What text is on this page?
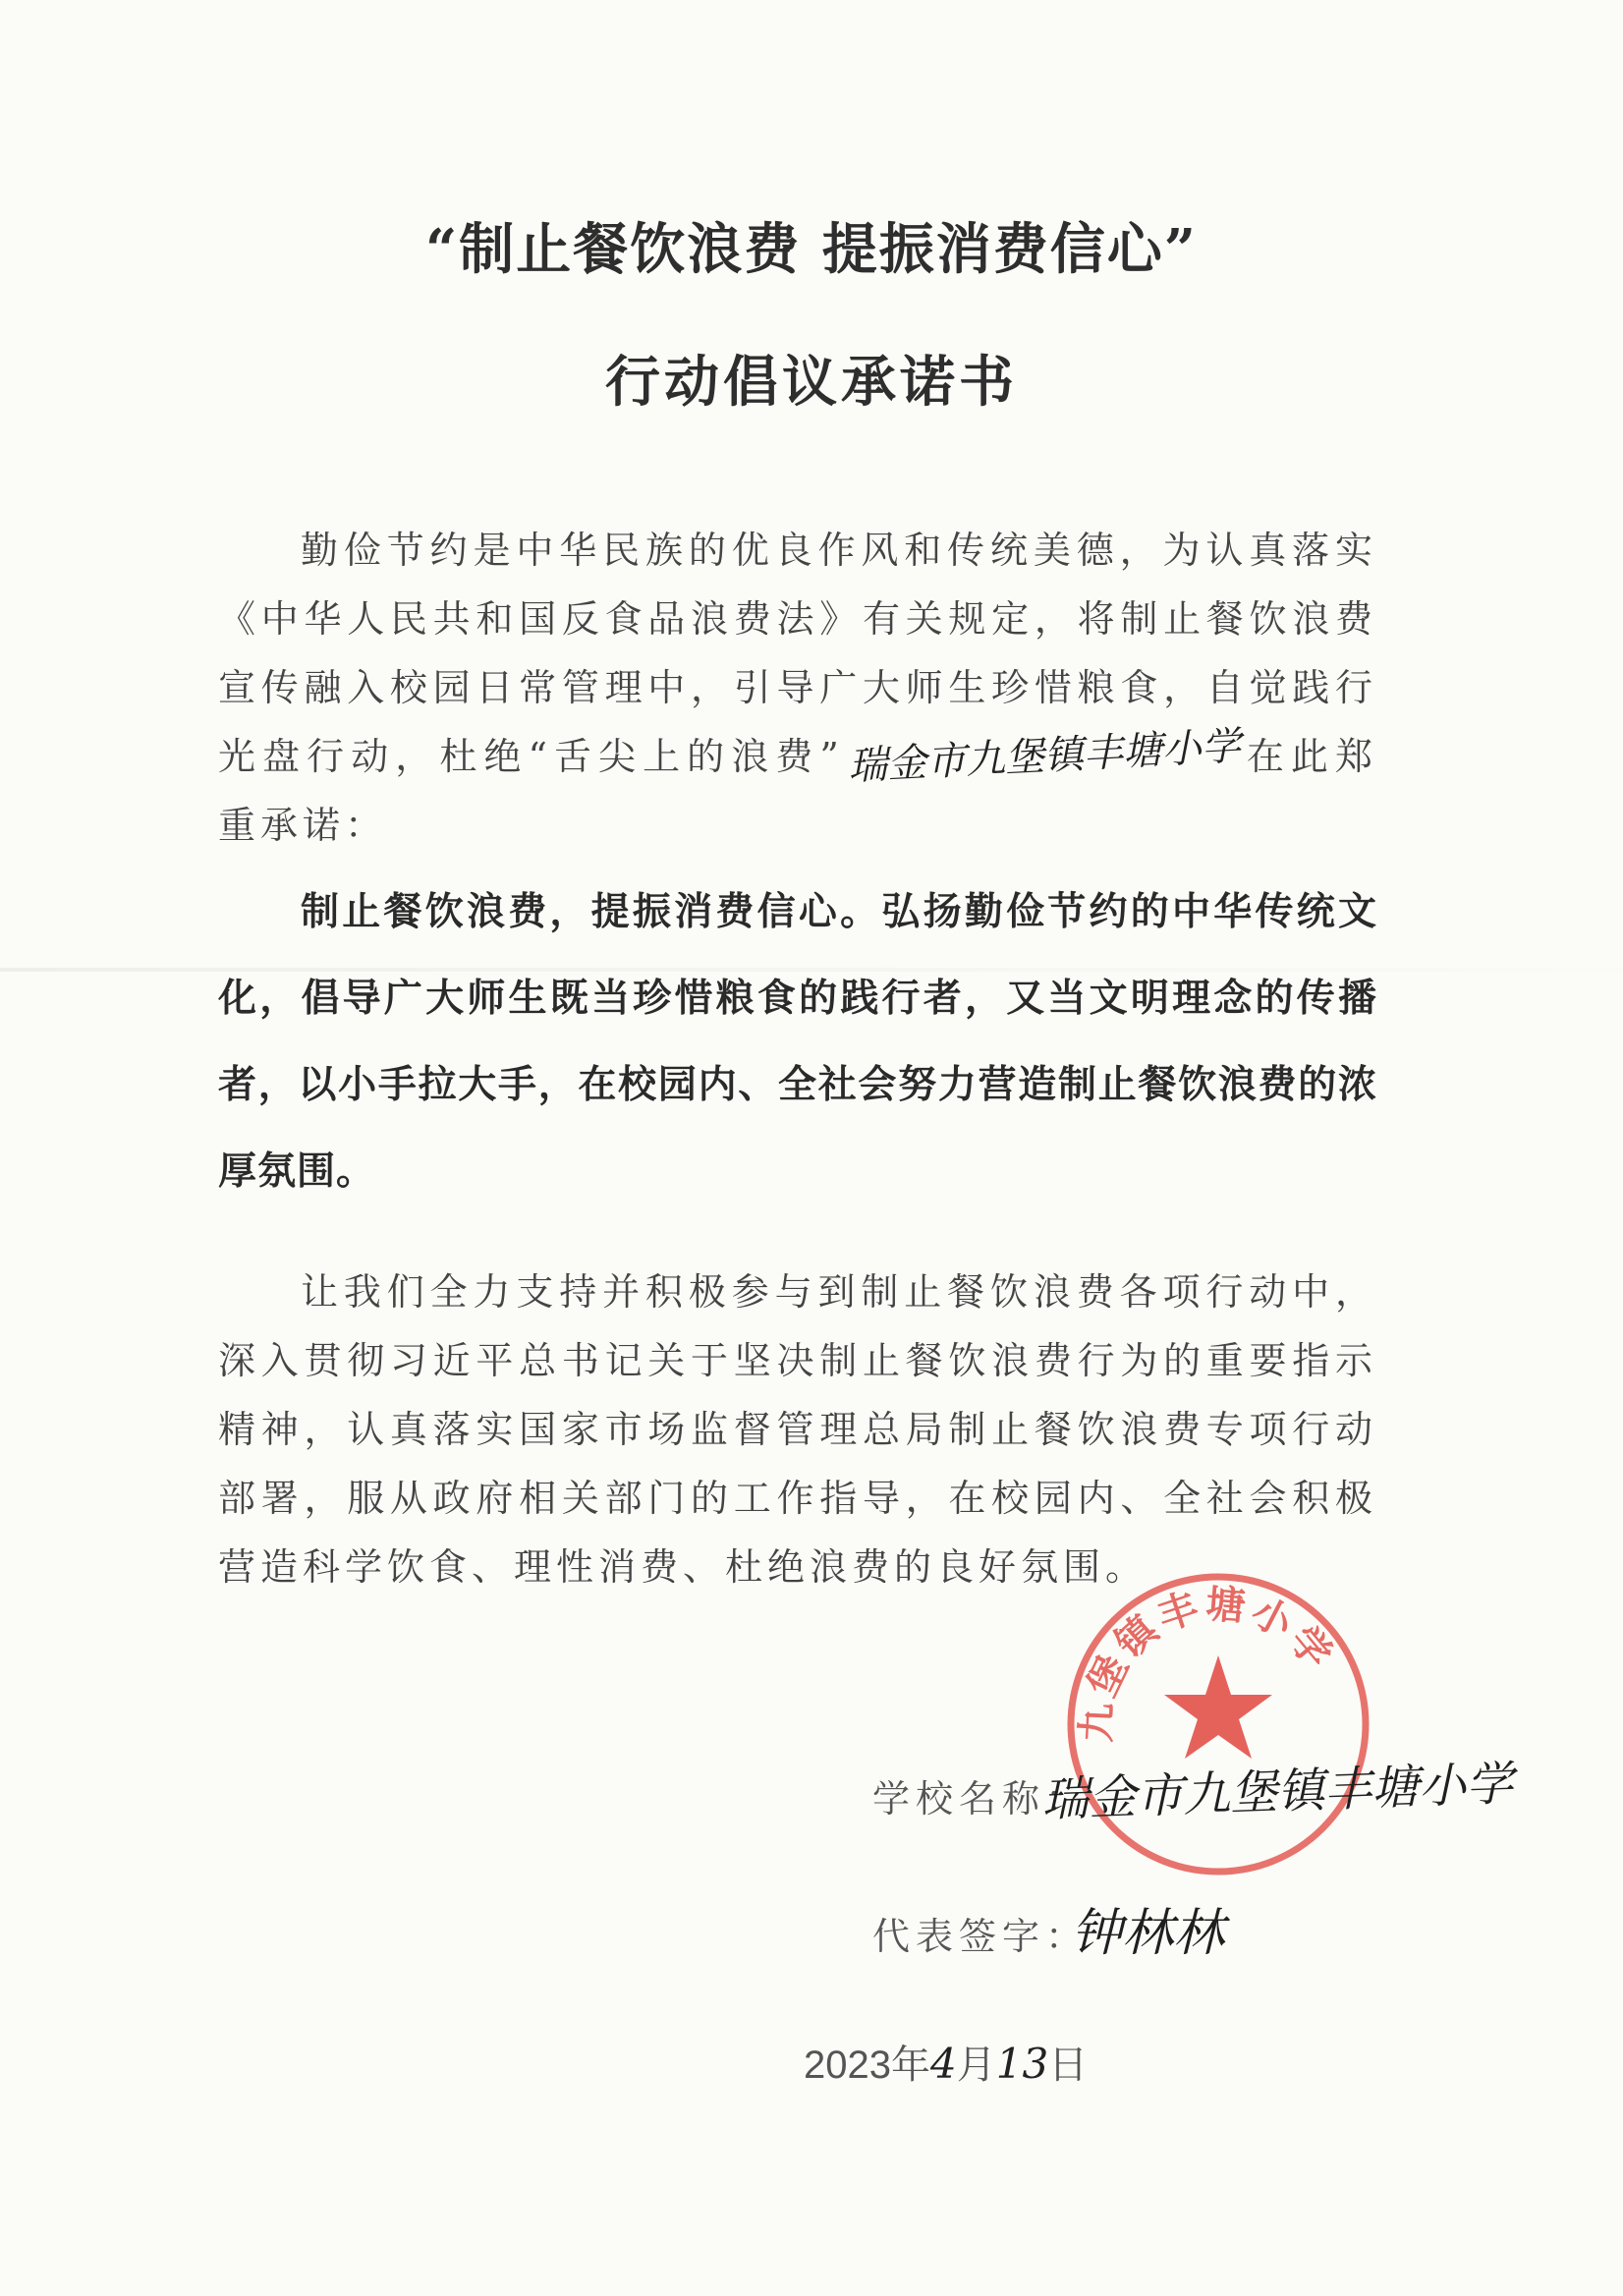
“制止餐饮浪费 提振消费信心”
行动倡议承诺书
勤俭节约是中华民族的优良作风和传统美德，为认真落实《中华人民共和国反食品浪费法》有关规定，将制止餐饮浪费宣传融入校园日常管理中，引导广大师生珍惜粮食，自觉践行光盘行动，杜绝“舌尖上的浪费”瑞金市九堡镇丰塘小学在此郑重承诺：
制止餐饮浪费，提振消费信心。弘扬勤俭节约的中华传统文化，倡导广大师生既当珍惜粮食的践行者，又当文明理念的传播者，以小手拉大手，在校园内、全社会努力营造制止餐饮浪费的浓厚氛围。
让我们全力支持并积极参与到制止餐饮浪费各项行动中，深入贯彻习近平总书记关于坚决制止餐饮浪费行为的重要指示精神，认真落实国家市场监督管理总局制止餐饮浪费专项行动部署，服从政府相关部门的工作指导，在校园内、全社会积极营造科学饮食、理性消费、杜绝浪费的良好氛围。
九堡镇丰塘小学
学校名称：
瑞金市九堡镇丰塘小学
代表签字：
钟林林
2023年4月13日
